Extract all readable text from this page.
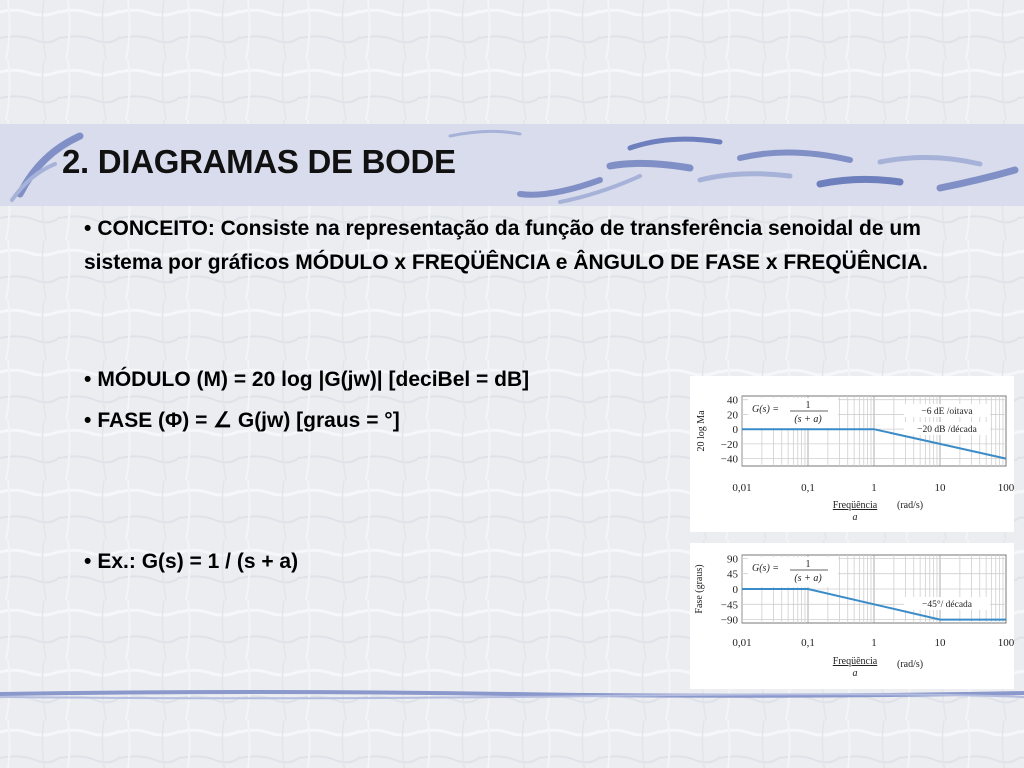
2. DIAGRAMAS DE BODE

• CONCEITO: Consiste na representação da função de transferência senoidal de um sistema por gráficos MÓDULO x FREQÜÊNCIA e ÂNGULO DE FASE x FREQÜÊNCIA.

• MÓDULO (M) = 20 log |G(jw)| [deciBel = dB]

• FASE (Φ) = ∠ G(jw) [graus = °]

• Ex.: G(s) = 1 / (s + a)

40
20
0
−20
−40
0,01	0,1	1	10	100
20 log Ma
Freqüência
a
(rad/s)
G(s) =	1
(s + a)
−6 dE /oitava
−20 dB /década
90
45
0
−45
−90
0,01	0,1	1	10	100
Fase (graus)
Freqüência
a
(rad/s)
G(s) =	1
(s + a)
−45°/ década
